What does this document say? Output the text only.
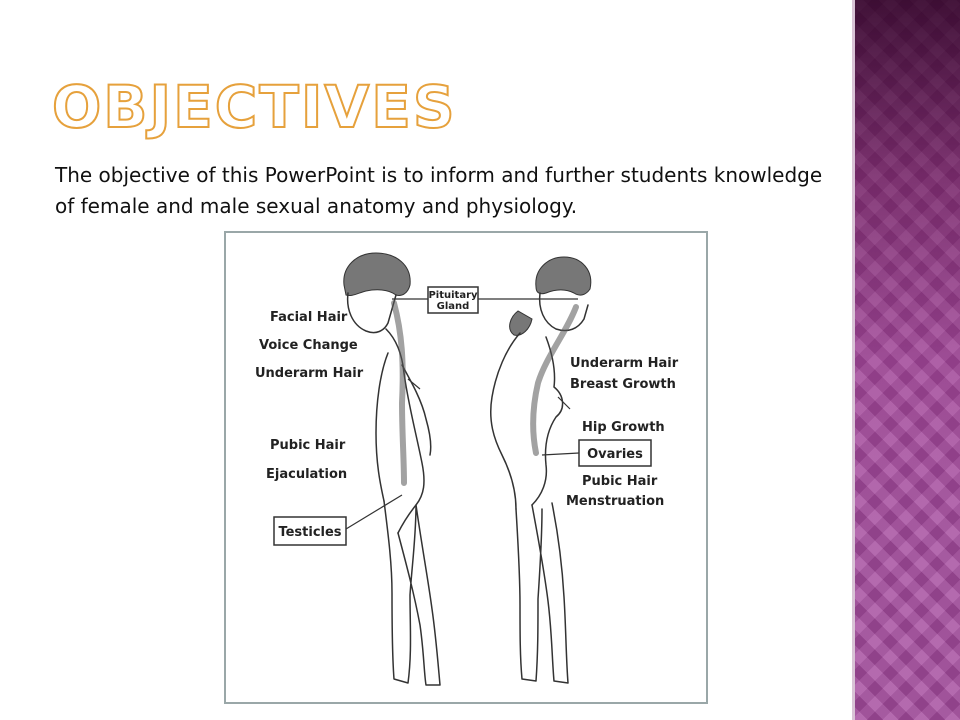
OBJECTIVES

The objective of this PowerPoint is to inform and further students knowledge of female and male sexual anatomy and physiology.

Pituitary
Gland
Facial Hair
Voice Change
Underarm Hair
Pubic Hair
Ejaculation
Testicles
Underarm Hair
Breast Growth
Hip Growth
Ovaries
Pubic Hair
Menstruation
